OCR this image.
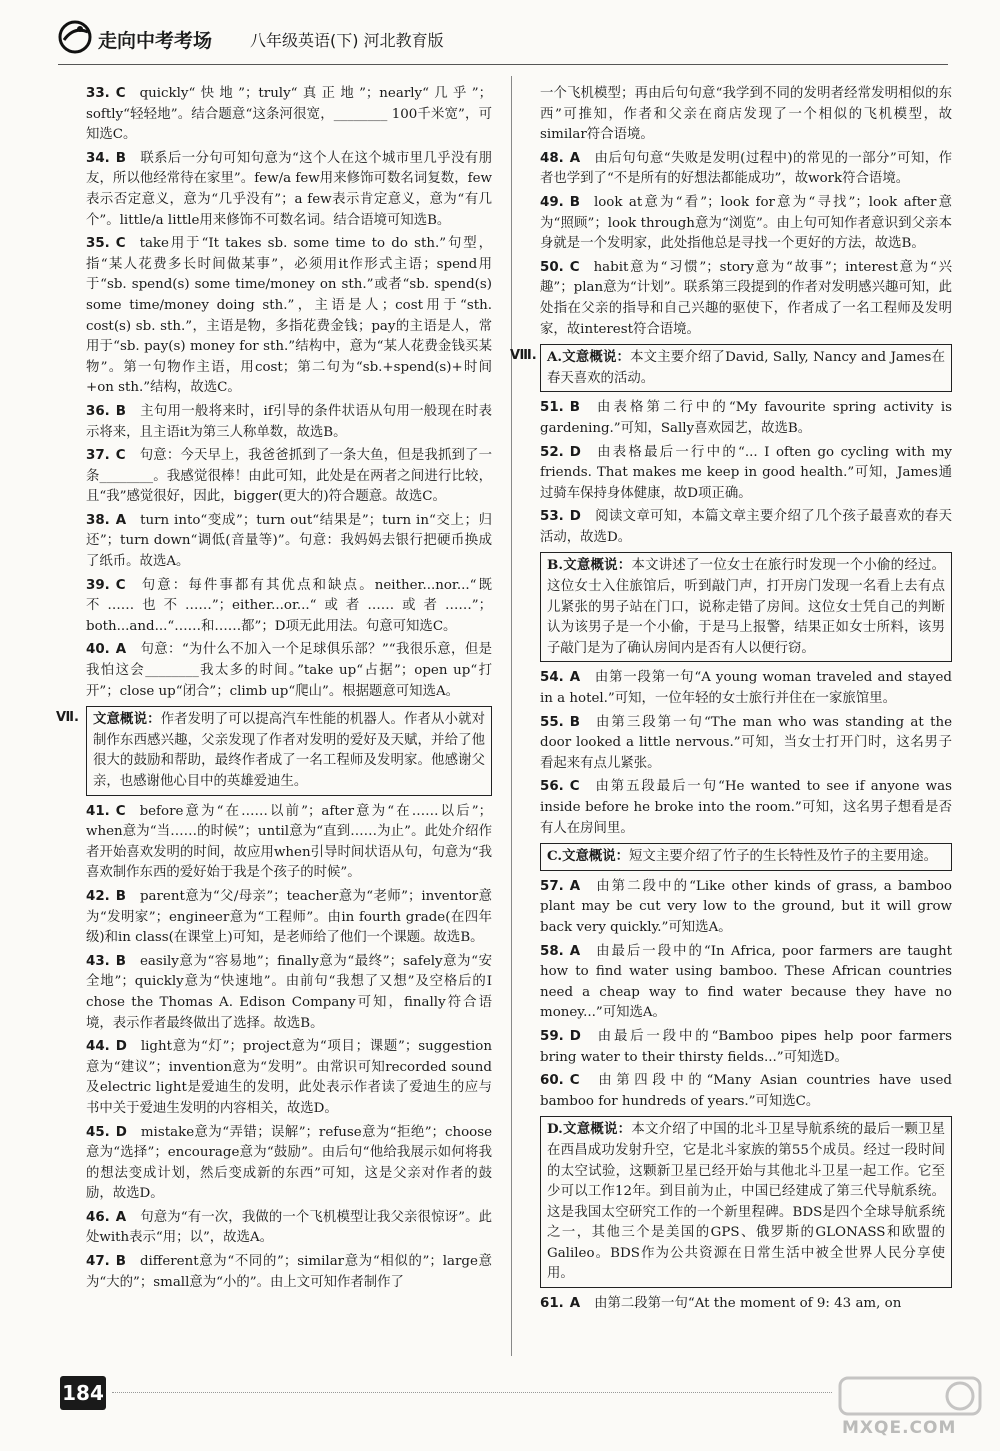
走向中考考场 八年级英语(下) 河北教育版
33. C quickly“快地”；truly“真正地”；nearly“几乎”；softly“轻轻地”。结合题意“这条河很宽，________ 100千米宽”，可知选C。
34. B 联系后一分句可知句意为“这个人在这个城市里几乎没有朋友，所以他经常待在家里”。few/a few用来修饰可数名词复数，few表示否定意义，意为“几乎没有”；a few表示肯定意义，意为“有几个”。little/a little用来修饰不可数名词。结合语境可知选B。
35. C take用于“It takes sb. some time to do sth.”句型，指“某人花费多长时间做某事”，必须用it作形式主语；spend用于“sb. spend(s) some time/money on sth.”或者“sb. spend(s) some time/money doing sth.”，主语是人；cost用于“sth. cost(s) sb. sth.”，主语是物，多指花费金钱；pay的主语是人，常用于“sb. pay(s) money for sth.”结构中，意为“某人花费金钱买某物”。第一句物作主语，用cost；第二句为“sb.+spend(s)+时间+on sth.”结构，故选C。
36. B 主句用一般将来时，if引导的条件状语从句用一般现在时表示将来，且主语it为第三人称单数，故选B。
37. C 句意：今天早上，我爸爸抓到了一条大鱼，但是我抓到了一条________。我感觉很棒！由此可知，此处是在两者之间进行比较，且“我”感觉很好，因此，bigger(更大的)符合题意。故选C。
38. A turn into“变成”；turn out“结果是”；turn in“交上；归还”；turn down“调低(音量等)”。句意：我妈妈去银行把硬币换成了纸币。故选A。
39. C 句意：每件事都有其优点和缺点。neither...nor...“既不……也不……”；either...or...“或者……或者……”；both...and...“……和……都”；D项无此用法。句意可知选C。
40. A 句意：“为什么不加入一个足球俱乐部？”“我很乐意，但是我怕这会________我太多的时间。”take up“占据”；open up“打开”；close up“闭合”；climb up“爬山”。根据题意可知选A。
Ⅶ.	文意概说：作者发明了可以提高汽车性能的机器人。作者从小就对制作东西感兴趣，父亲发现了作者对发明的爱好及天赋，并给了他很大的鼓励和帮助，最终作者成了一名工程师及发明家。他感谢父亲，也感谢他心目中的英雄爱迪生。
41. C before意为“在……以前”；after意为“在……以后”；when意为“当……的时候”；until意为“直到……为止”。此处介绍作者开始喜欢发明的时间，故应用when引导时间状语从句，句意为“我喜欢制作东西的爱好始于我是个孩子的时候”。
42. B parent意为“父/母亲”；teacher意为“老师”；inventor意为“发明家”；engineer意为“工程师”。由in fourth grade(在四年级)和in class(在课堂上)可知，是老师给了他们一个课题。故选B。
43. B easily意为“容易地”；finally意为“最终”；safely意为“安全地”；quickly意为“快速地”。由前句“我想了又想”及空格后的I chose the Thomas A. Edison Company可知，finally符合语境，表示作者最终做出了选择。故选B。
44. D light意为“灯”；project意为“项目；课题”；suggestion意为“建议”；invention意为“发明”。由常识可知recorded sound及electric light是爱迪生的发明，此处表示作者读了爱迪生的应与书中关于爱迪生发明的内容相关，故选D。
45. D mistake意为“弄错；误解”；refuse意为“拒绝”；choose意为“选择”；encourage意为“鼓励”。由后句“他给我展示如何将我的想法变成计划，然后变成新的东西”可知，这是父亲对作者的鼓励，故选D。
46. A 句意为“有一次，我做的一个飞机模型让我父亲很惊讶”。此处with表示“用；以”，故选A。
47. B different意为“不同的”；similar意为“相似的”；large意为“大的”；small意为“小的”。由上文可知作者制作了
一个飞机模型；再由后句句意“我学到不同的发明者经常发明相似的东西”可推知，作者和父亲在商店发现了一个相似的飞机模型，故similar符合语境。
48. A 由后句句意“失败是发明(过程中)的常见的一部分”可知，作者也学到了“不是所有的好想法都能成功”，故work符合语境。
49. B look at意为“看”；look for意为“寻找”；look after意为“照顾”；look through意为“浏览”。由上句可知作者意识到父亲本身就是一个发明家，此处指他总是寻找一个更好的方法，故选B。
50. C habit意为“习惯”；story意为“故事”；interest意为“兴趣”；plan意为“计划”。联系第三段提到的作者对发明感兴趣可知，此处指在父亲的指导和自己兴趣的驱使下，作者成了一名工程师及发明家，故interest符合语境。
Ⅷ. A.文意概说：本文主要介绍了David, Sally, Nancy and James在春天喜欢的活动。
51. B 由表格第二行中的“My favourite spring activity is gardening.”可知，Sally喜欢园艺，故选B。
52. D 由表格最后一行中的“... I often go cycling with my friends. That makes me keep in good health.”可知，James通过骑车保持身体健康，故D项正确。
53. D 阅读文章可知，本篇文章主要介绍了几个孩子最喜欢的春天活动，故选D。
B.文意概说：本文讲述了一位女士在旅行时发现一个小偷的经过。这位女士入住旅馆后，听到敲门声，打开房门发现一名看上去有点儿紧张的男子站在门口，说称走错了房间。这位女士凭自己的判断认为该男子是一个小偷，于是马上报警，结果正如女士所料，该男子敲门是为了确认房间内是否有人以便行窃。
54. A 由第一段第一句“A young woman traveled and stayed in a hotel.”可知，一位年轻的女士旅行并住在一家旅馆里。
55. B 由第三段第一句“The man who was standing at the door looked a little nervous.”可知，当女士打开门时，这名男子看起来有点儿紧张。
56. C 由第五段最后一句“He wanted to see if anyone was inside before he broke into the room.”可知，这名男子想看是否有人在房间里。
C.文意概说：短文主要介绍了竹子的生长特性及竹子的主要用途。
57. A 由第二段中的“Like other kinds of grass, a bamboo plant may be cut very low to the ground, but it will grow back very quickly.”可知选A。
58. A 由最后一段中的“In Africa, poor farmers are taught how to find water using bamboo. These African countries need a cheap way to find water because they have no money...”可知选A。
59. D 由最后一段中的“Bamboo pipes help poor farmers bring water to their thirsty fields...”可知选D。
60. C 由第四段中的“Many Asian countries have used bamboo for hundreds of years.”可知选C。
D.文意概说：本文介绍了中国的北斗卫星导航系统的最后一颗卫星在西昌成功发射升空，它是北斗家族的第55个成员。经过一段时间的太空试验，这颗新卫星已经开始与其他北斗卫星一起工作。它至少可以工作12年。到目前为止，中国已经建成了第三代导航系统。这是我国太空研究工作的一个新里程碑。BDS是四个全球导航系统之一，其他三个是美国的GPS、俄罗斯的GLONASS和欧盟的Galileo。BDS作为公共资源在日常生活中被全世界人民分享使用。
61. A 由第二段第一句“At the moment of 9: 43 am, on
184
MXQE.COM
